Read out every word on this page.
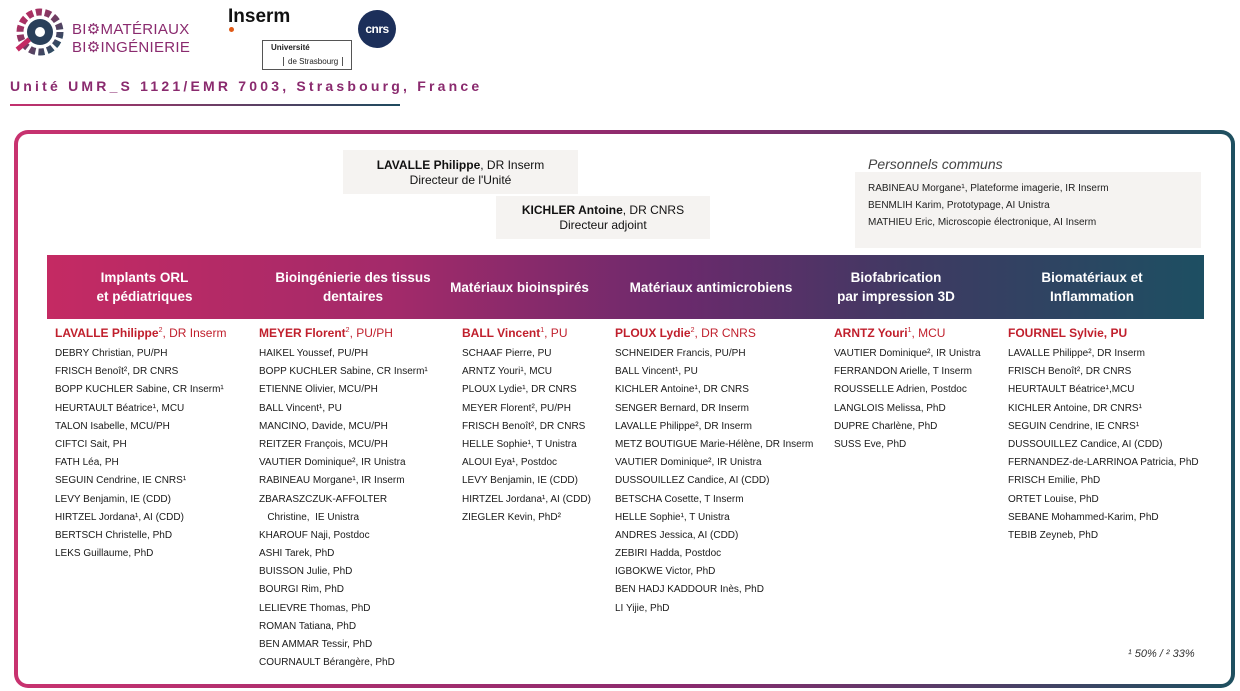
BI⚙MATÉRIAUX
BI⚙INGÉNIERIE
Inserm
Université
de Strasbourg
cnrs
Unité UMR_S 1121/EMR 7003, Strasbourg, France
LAVALLE Philippe, DR Inserm
Directeur de l'Unité
KICHLER Antoine, DR CNRS
Directeur adjoint
Personnels communs
RABINEAU Morgane¹, Plateforme imagerie, IR Inserm
BENMLIH Karim, Prototypage, AI Unistra
MATHIEU Eric, Microscopie électronique, AI Inserm
Implants ORL
et pédiatriques
Bioingénierie des tissus
dentaires
Matériaux bioinspirés	Matériaux antimicrobiens
Biofabrication
par impression 3D
Biomatériaux et
Inflammation
LAVALLE Philippe$^2$, DR Inserm
DEBRY Christian, PU/PH
FRISCH Benoît², DR CNRS
BOPP KUCHLER Sabine, CR Inserm¹
HEURTAULT Béatrice¹, MCU
TALON Isabelle, MCU/PH
CIFTCI Sait, PH
FATH Léa, PH
SEGUIN Cendrine, IE CNRS¹
LEVY Benjamin, IE (CDD)
HIRTZEL Jordana¹, AI (CDD)
BERTSCH Christelle, PhD
LEKS Guillaume, PhD
MEYER Florent$^2$, PU/PH
HAIKEL Youssef, PU/PH
BOPP KUCHLER Sabine, CR Inserm¹
ETIENNE Olivier, MCU/PH
BALL Vincent¹, PU
MANCINO, Davide, MCU/PH
REITZER François, MCU/PH
VAUTIER Dominique², IR Unistra
RABINEAU Morgane¹, IR Inserm
ZBARASZCZUK-AFFOLTER
Christine,  IE Unistra
KHAROUF Naji, Postdoc
ASHI Tarek, PhD
BUISSON Julie, PhD
BOURGI Rim, PhD
LELIEVRE Thomas, PhD
ROMAN Tatiana, PhD
BEN AMMAR Tessir, PhD
COURNAULT Bérangère, PhD
BALL Vincent$^1$, PU
SCHAAF Pierre, PU
ARNTZ Youri¹, MCU
PLOUX Lydie¹, DR CNRS
MEYER Florent², PU/PH
FRISCH Benoît², DR CNRS
HELLE Sophie¹, T Unistra
ALOUI Eya¹, Postdoc
LEVY Benjamin, IE (CDD)
HIRTZEL Jordana¹, AI (CDD)
ZIEGLER Kevin, PhD²
PLOUX Lydie$^2$, DR CNRS
SCHNEIDER Francis, PU/PH
BALL Vincent¹, PU
KICHLER Antoine¹, DR CNRS
SENGER Bernard, DR Inserm
LAVALLE Philippe², DR Inserm
METZ BOUTIGUE Marie-Hélène, DR Inserm
VAUTIER Dominique², IR Unistra
DUSSOUILLEZ Candice, AI (CDD)
BETSCHA Cosette, T Inserm
HELLE Sophie¹, T Unistra
ANDRES Jessica, AI (CDD)
ZEBIRI Hadda, Postdoc
IGBOKWE Victor, PhD
BEN HADJ KADDOUR Inès, PhD
LI Yijie, PhD
ARNTZ Youri$^1$, MCU
VAUTIER Dominique², IR Unistra
FERRANDON Arielle, T Inserm
ROUSSELLE Adrien, Postdoc
LANGLOIS Melissa, PhD
DUPRE Charlène, PhD
SUSS Eve, PhD
FOURNEL Sylvie, PU
LAVALLE Philippe², DR Inserm
FRISCH Benoît², DR CNRS
HEURTAULT Béatrice¹,MCU
KICHLER Antoine, DR CNRS¹
SEGUIN Cendrine, IE CNRS¹
DUSSOUILLEZ Candice, AI (CDD)
FERNANDEZ-de-LARRINOA Patricia, PhD
FRISCH Emilie, PhD
ORTET Louise, PhD
SEBANE Mohammed-Karim, PhD
TEBIB Zeyneb, PhD
¹ 50% / ² 33%
